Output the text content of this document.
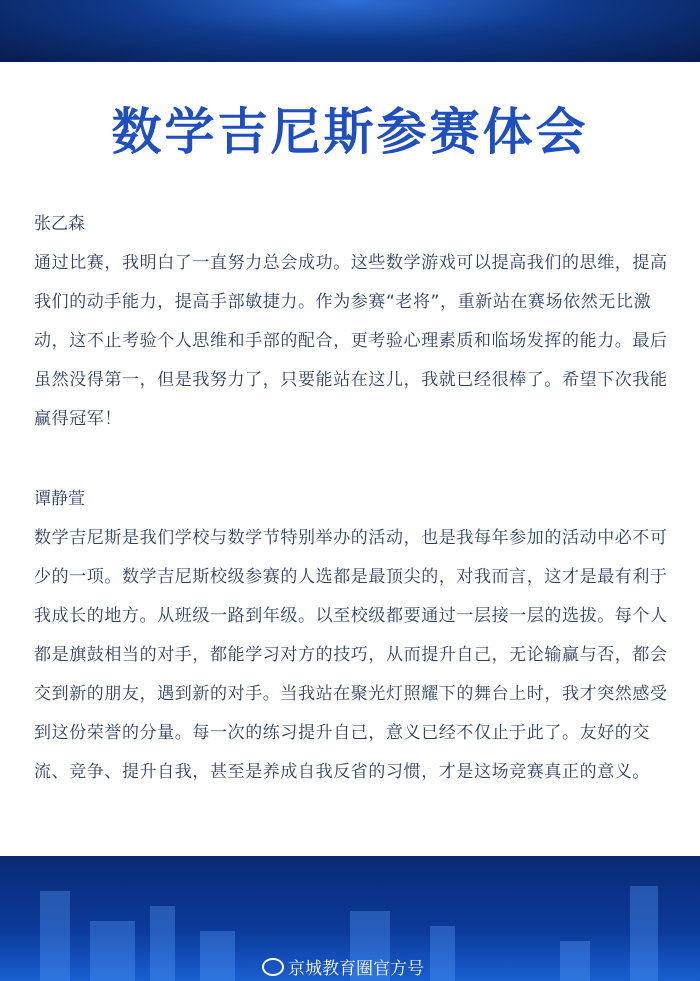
数学吉尼斯参赛体会
张乙森
通过比赛，我明白了一直努力总会成功。这些数学游戏可以提高我们的思维，提高
我们的动手能力，提高手部敏捷力。作为参赛“老将”，重新站在赛场依然无比激
动，这不止考验个人思维和手部的配合，更考验心理素质和临场发挥的能力。最后
虽然没得第一，但是我努力了，只要能站在这儿，我就已经很棒了。希望下次我能
赢得冠军！
谭静萱
数学吉尼斯是我们学校与数学节特别举办的活动，也是我每年参加的活动中必不可
少的一项。数学吉尼斯校级参赛的人选都是最顶尖的，对我而言，这才是最有利于
我成长的地方。从班级一路到年级。以至校级都要通过一层接一层的选拔。每个人
都是旗鼓相当的对手，都能学习对方的技巧，从而提升自己，无论输赢与否，都会
交到新的朋友，遇到新的对手。当我站在聚光灯照耀下的舞台上时，我才突然感受
到这份荣誉的分量。每一次的练习提升自己，意义已经不仅止于此了。友好的交
流、竞争、提升自我，甚至是养成自我反省的习惯，才是这场竞赛真正的意义。
京城教育圈官方号
